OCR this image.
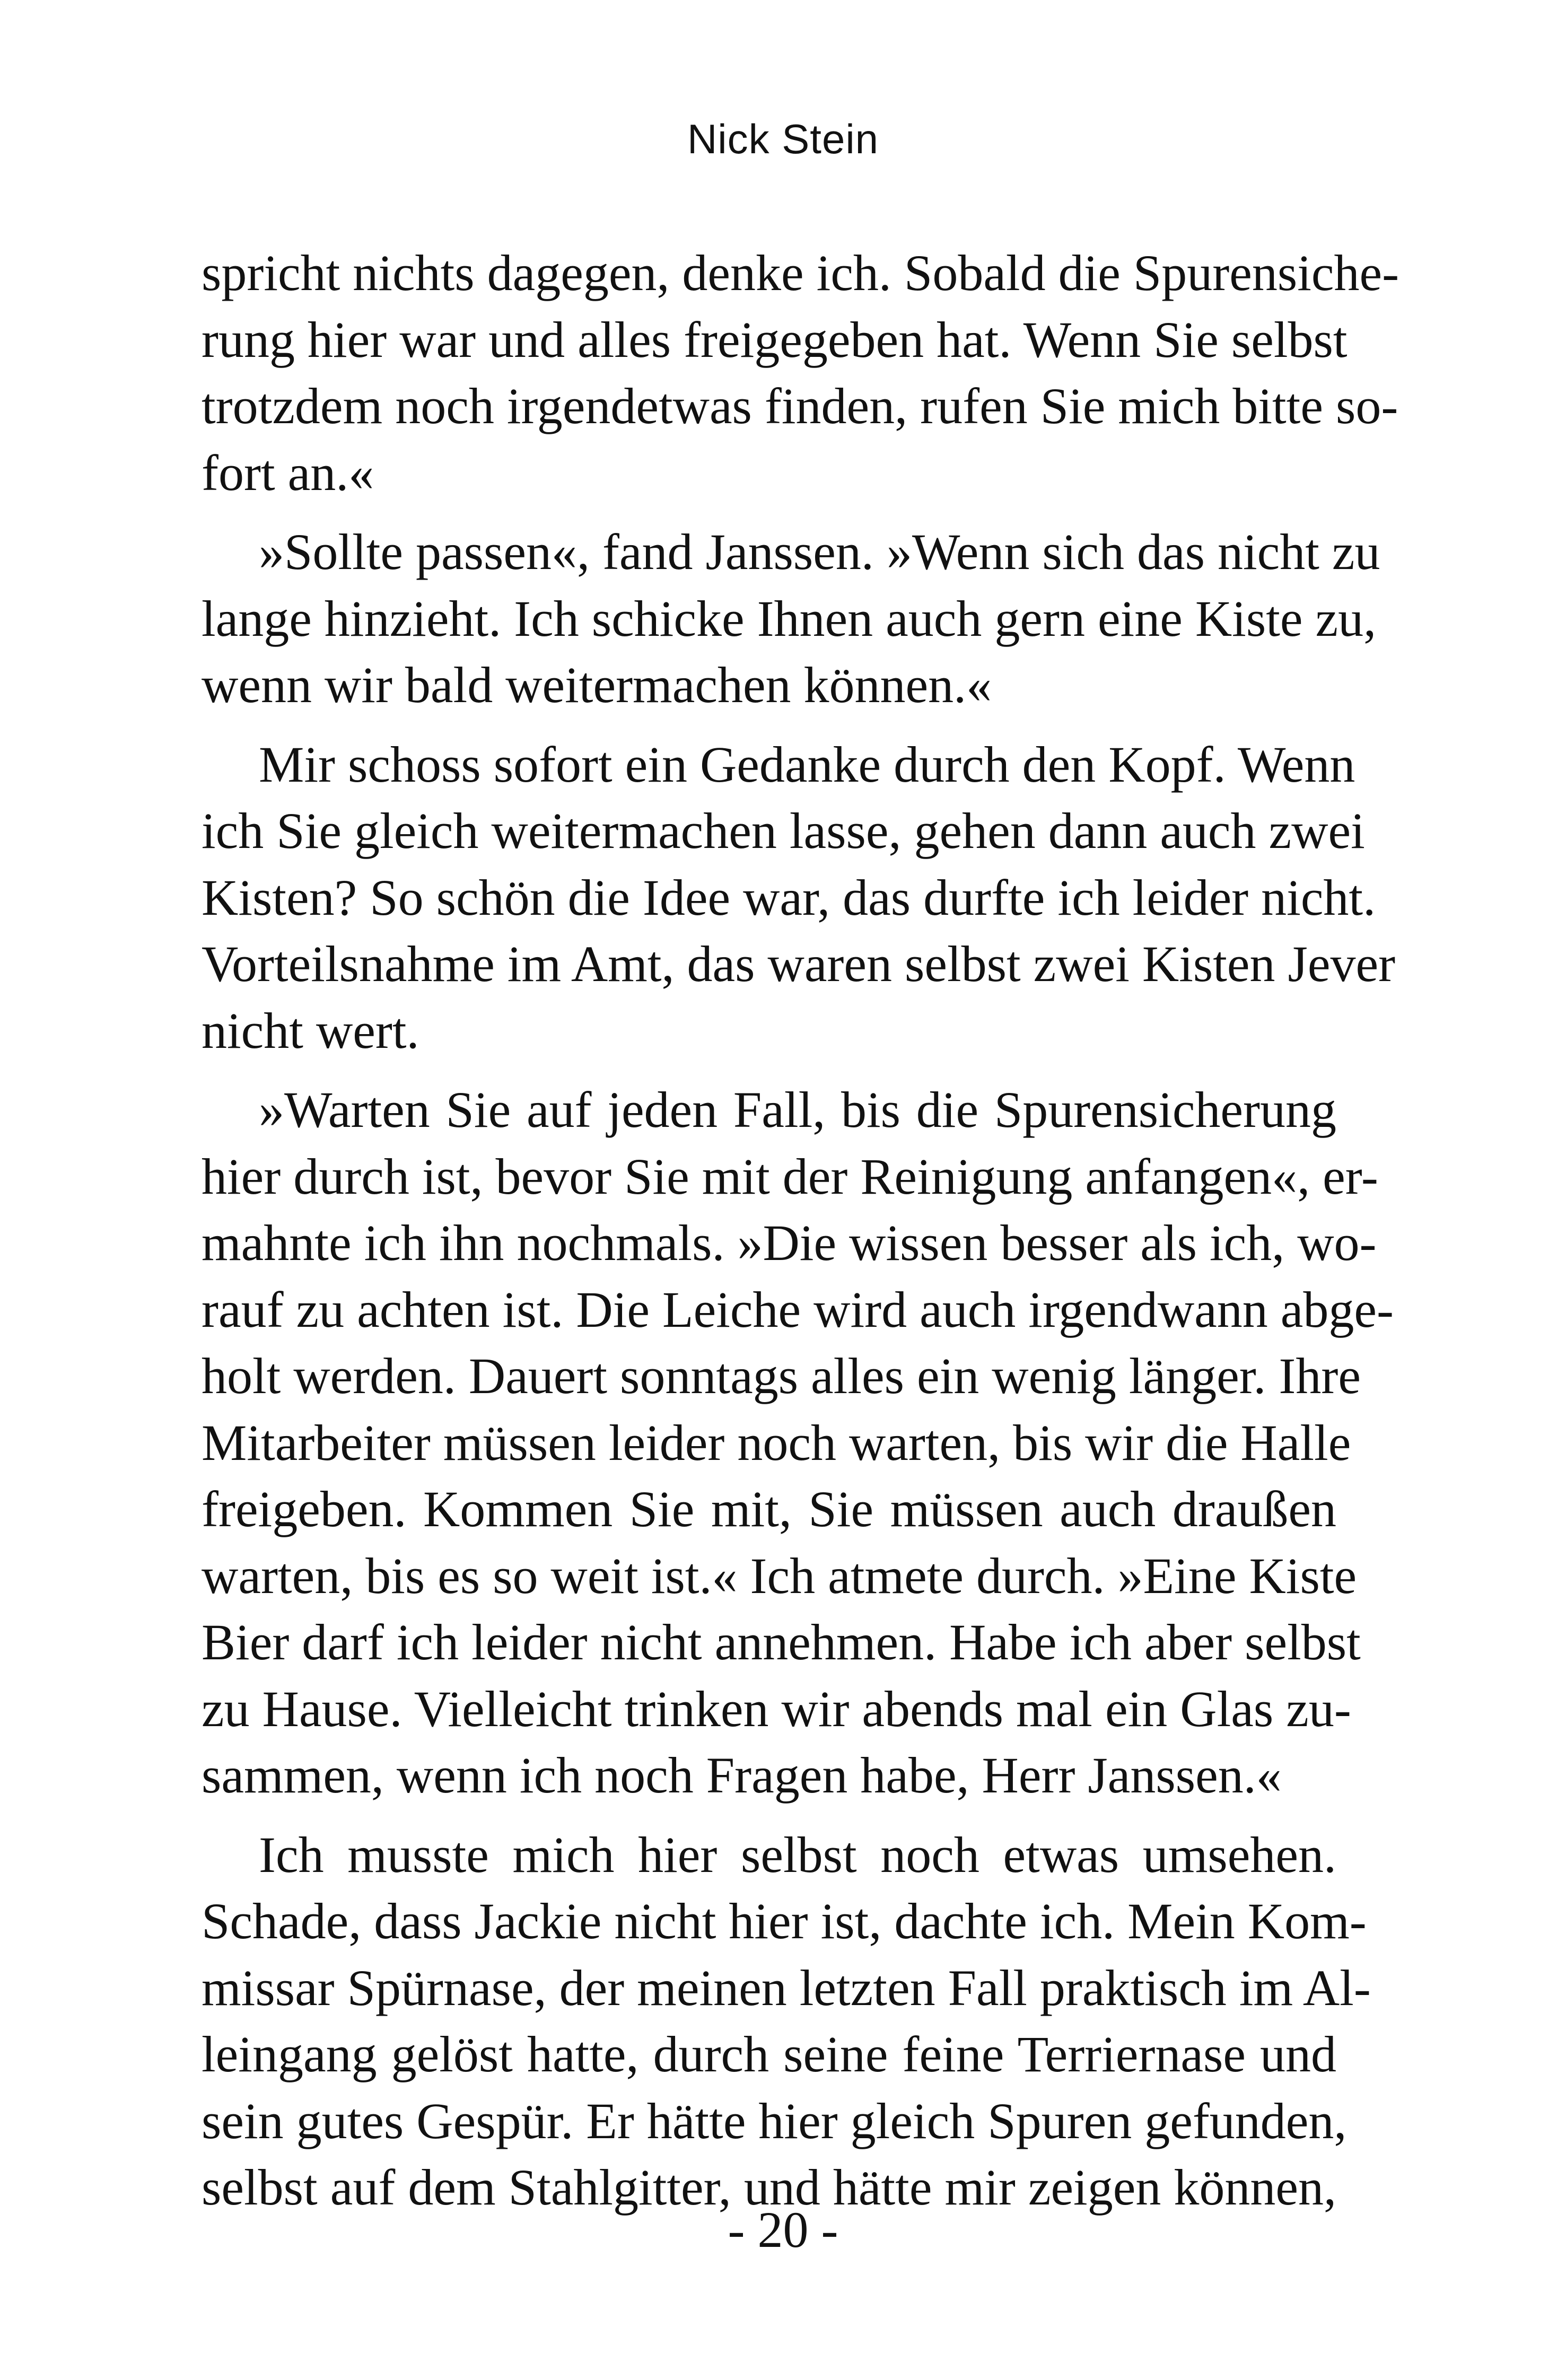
Nick Stein
spricht nichts dagegen, denke ich. Sobald die Spurensiche-
rung hier war und alles freigegeben hat. Wenn Sie selbst
trotzdem noch irgendetwas finden, rufen Sie mich bitte so-
fort an.«
»Sollte passen«, fand Janssen. »Wenn sich das nicht zu
lange hinzieht. Ich schicke Ihnen auch gern eine Kiste zu,
wenn wir bald weitermachen können.«
Mir schoss sofort ein Gedanke durch den Kopf. Wenn
ich Sie gleich weitermachen lasse, gehen dann auch zwei
Kisten? So schön die Idee war, das durfte ich leider nicht.
Vorteilsnahme im Amt, das waren selbst zwei Kisten Jever
nicht wert.
»Warten Sie auf jeden Fall, bis die Spurensicherung
hier durch ist, bevor Sie mit der Reinigung anfangen«, er-
mahnte ich ihn nochmals. »Die wissen besser als ich, wo-
rauf zu achten ist. Die Leiche wird auch irgendwann abge-
holt werden. Dauert sonntags alles ein wenig länger. Ihre
Mitarbeiter müssen leider noch warten, bis wir die Halle
freigeben. Kommen Sie mit, Sie müssen auch draußen
warten, bis es so weit ist.« Ich atmete durch. »Eine Kiste
Bier darf ich leider nicht annehmen. Habe ich aber selbst
zu Hause. Vielleicht trinken wir abends mal ein Glas zu-
sammen, wenn ich noch Fragen habe, Herr Janssen.«
Ich musste mich hier selbst noch etwas umsehen.
Schade, dass Jackie nicht hier ist, dachte ich. Mein Kom-
missar Spürnase, der meinen letzten Fall praktisch im Al-
leingang gelöst hatte, durch seine feine Terriernase und
sein gutes Gespür. Er hätte hier gleich Spuren gefunden,
selbst auf dem Stahlgitter, und hätte mir zeigen können,
- 20 -
